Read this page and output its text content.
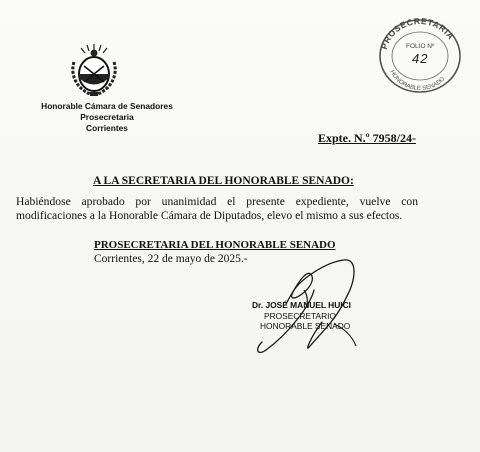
Honorable Cámara de Senadores
Prosecretaria
Corrientes
PROSECRETARIA
HONORABLE SENADO
FOLIO Nº
42
Expte. N.º 7958/24-
A LA SECRETARIA DEL HONORABLE SENADO:
Habiéndose aprobado por unanimidad el presente expediente, vuelve con modificaciones a la Honorable Cámara de Diputados, elevo el mismo a sus efectos.
PROSECRETARIA DEL HONORABLE SENADO
Corrientes, 22 de mayo de 2025.-
Dr. JOSÉ MANUEL HUICI
PROSECRETARIO
HONORABLE SENADO
